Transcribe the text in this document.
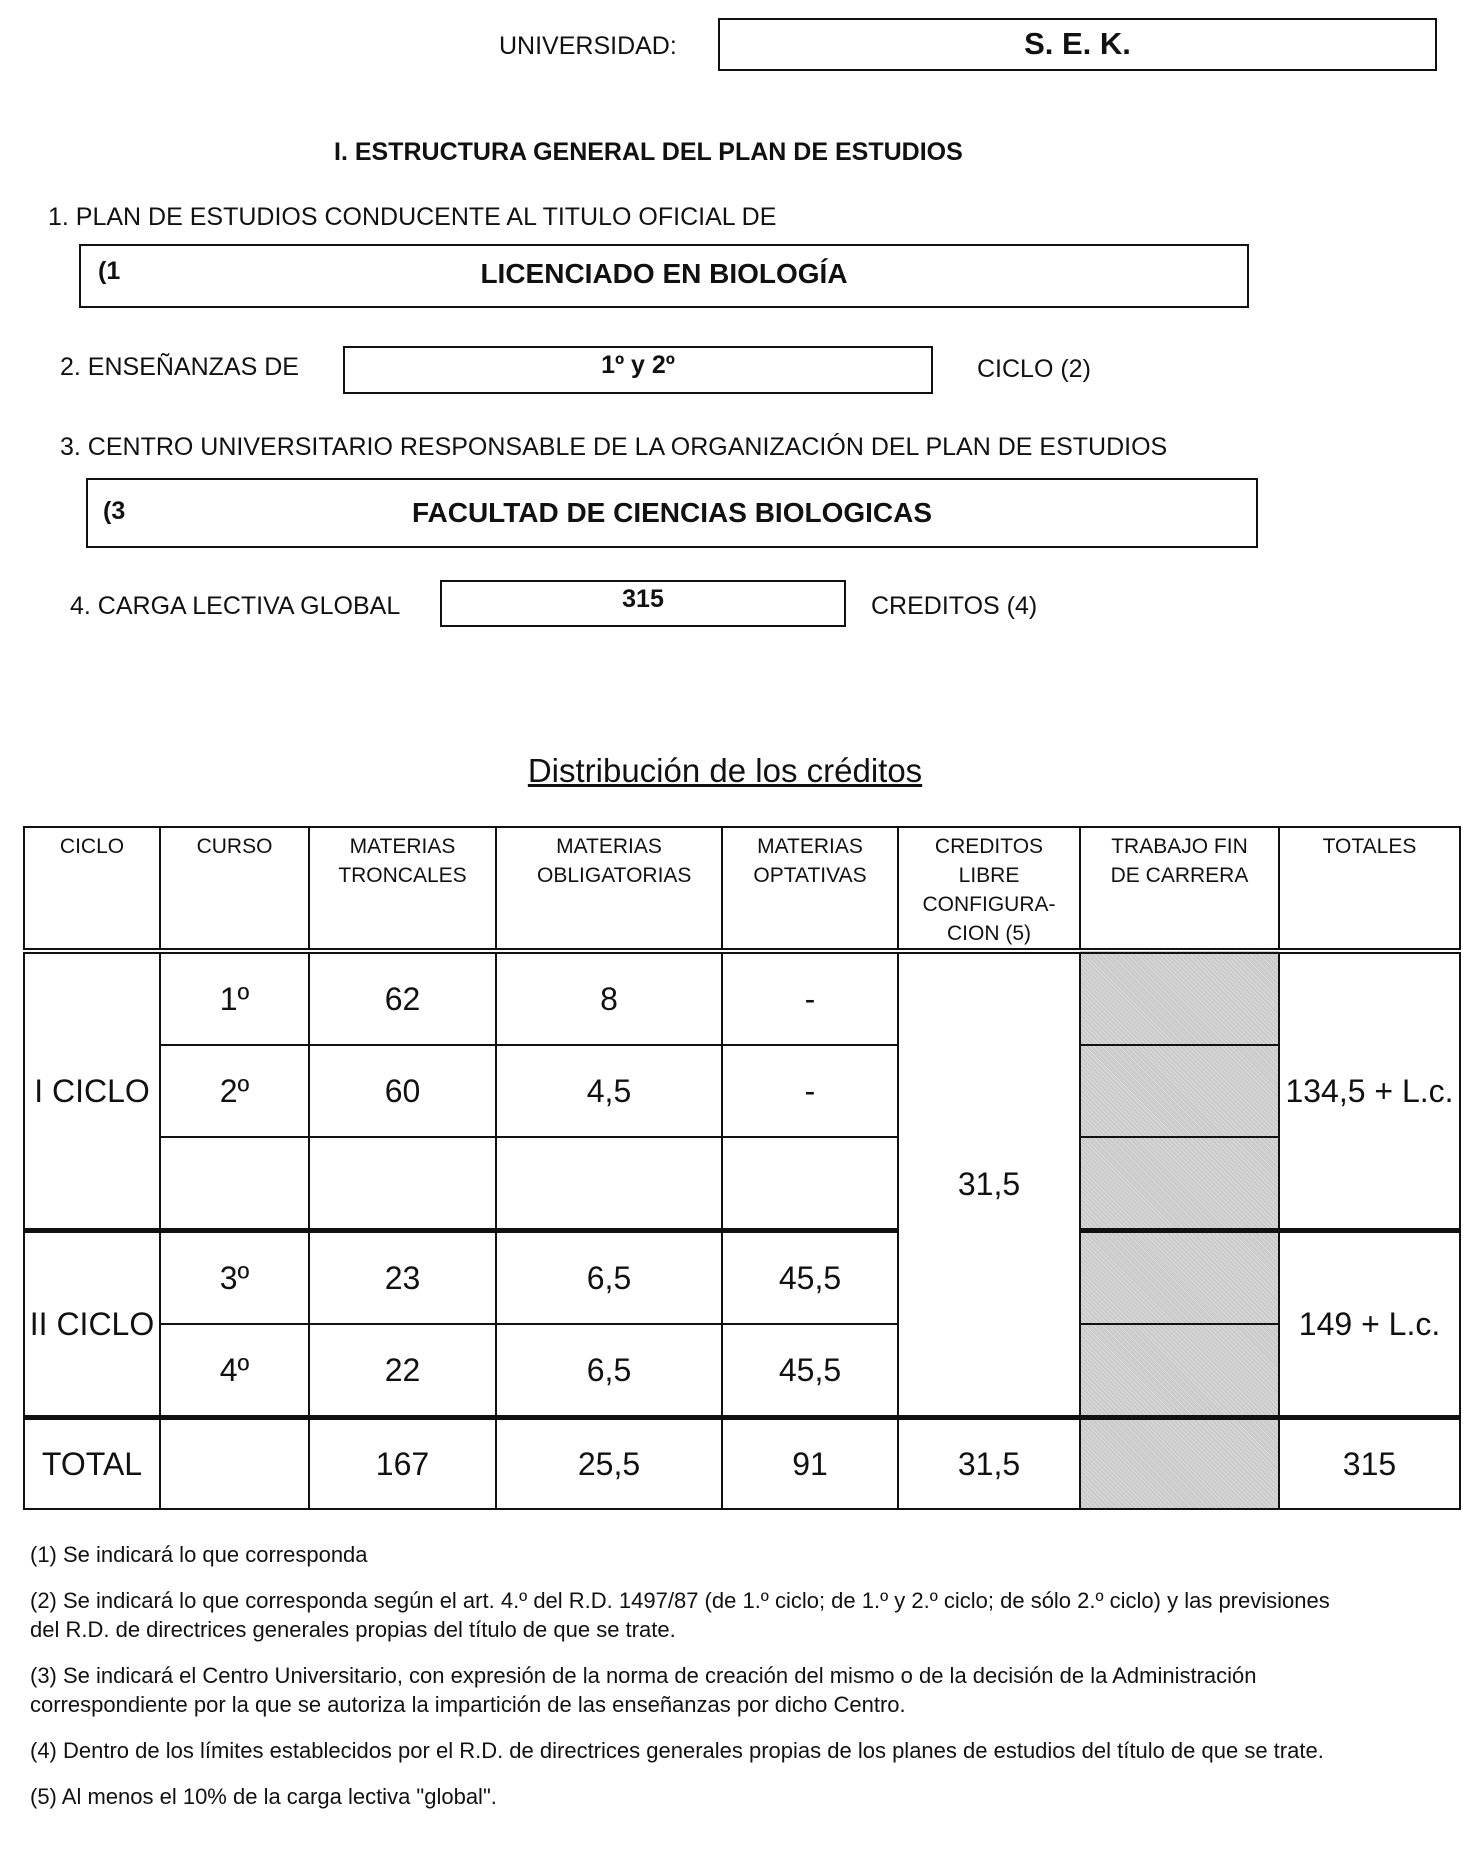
UNIVERSIDAD:	S. E. K.
I. ESTRUCTURA GENERAL DEL PLAN DE ESTUDIOS
1. PLAN DE ESTUDIOS CONDUCENTE AL TITULO OFICIAL DE
(1	LICENCIADO EN BIOLOGÍA
2. ENSEÑANZAS DE	1º y 2º	CICLO (2)
3. CENTRO UNIVERSITARIO RESPONSABLE DE LA ORGANIZACIÓN DEL PLAN DE ESTUDIOS
(3	FACULTAD DE CIENCIAS BIOLOGICAS
4. CARGA LECTIVA GLOBAL	315	CREDITOS (4)
Distribución de los créditos
CICLO	CURSO	MATERIAS TRONCALES	MATERIAS OBLIGATORIAS	MATERIAS OPTATIVAS	CREDITOS LIBRE CONFIGURA- CION (5)	TRABAJO FIN DE CARRERA	TOTALES
I CICLO	1º	62	8	-	31,5		134,5 + L.c.
	2º	60	4,5	-			

II CICLO	3º	23	6,5	45,5			149 + L.c.
	4º	22	6,5	45,5			
TOTAL		167	25,5	91	31,5		315

(1) Se indicará lo que corresponda

(2) Se indicará lo que corresponda según el art. 4.º del R.D. 1497/87 (de 1.º ciclo; de 1.º y 2.º ciclo; de sólo 2.º ciclo) y las previsiones del R.D. de directrices generales propias del título de que se trate.

(3) Se indicará el Centro Universitario, con expresión de la norma de creación del mismo o de la decisión de la Administración correspondiente por la que se autoriza la impartición de las enseñanzas por dicho Centro.

(4) Dentro de los límites establecidos por el R.D. de directrices generales propias de los planes de estudios del título de que se trate.

(5) Al menos el 10% de la carga lectiva "global".
